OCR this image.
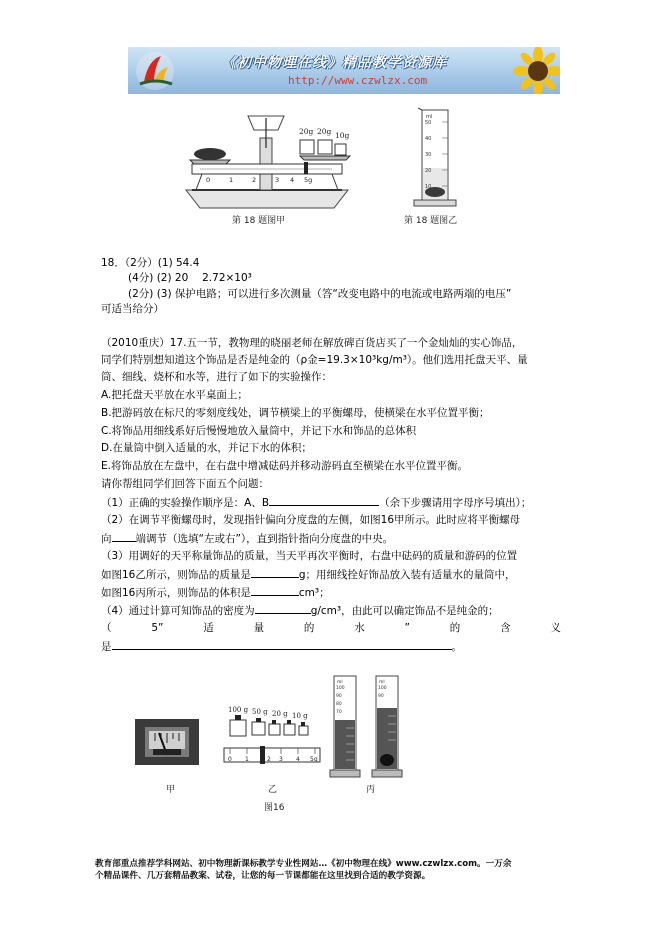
《初中物理在线》精品教学资源库
http://www.czwlzx.com
20g 20g 10g
0	1	2	3 4 5g
第 18 题图甲
ml
50
40
30
20
10
第 18 题图乙
18．（2分）(1) 54.4
(4分) (2) 20　 2.72×10³
(2分) (3) 保护电路；可以进行多次测量（答“改变电路中的电流或电路两端的电压”
可适当给分）
（2010重庆）17.五一节，教物理的晓丽老师在解放碑百货店买了一个金灿灿的实心饰品，
同学们特别想知道这个饰品是否是纯金的（ρ金=19.3×10³kg/m³）。他们选用托盘天平、量
筒、细线、烧杯和水等，进行了如下的实验操作：
A.把托盘天平放在水平桌面上；
B.把游码放在标尺的零刻度线处，调节横梁上的平衡螺母，使横梁在水平位置平衡；
C.将饰品用细线系好后慢慢地放入量筒中，并记下水和饰品的总体积
D.在量筒中倒入适量的水，并记下水的体积；
E.将饰品放在左盘中，在右盘中增减砝码并移动游码直至横梁在水平位置平衡。
请你帮组同学们回答下面五个问题：
（1）正确的实验操作顺序是：A、B	（余下步骤请用字母序号填出）；
（2）在调节平衡螺母时，发现指针偏向分度盘的左侧，如图16甲所示。此时应将平衡螺母
向 端调节（选填“左或右”），直到指针指向分度盘的中央。
（3）用调好的天平称量饰品的质量，当天平再次平衡时，右盘中砝码的质量和游码的位置
如图16乙所示，则饰品的质量是	g；用细线拴好饰品放入装有适量水的量筒中，
如图16丙所示，则饰品的体积是	cm³；
（4）通过计算可知饰品的密度为	g/cm³，由此可以确定饰品不是纯金的；
（	5”	适	量	的	水	”	的	含	义
是	。
甲
100 g 50 g 20 g 10 g
0 1	2 3 4 5g
乙
ml
100
90
80
70
ml
100
90
丙
图16
教育部重点推荐学科网站、初中物理新课标教学专业性网站…《初中物理在线》www.czwlzx.com。一万余
个精品课件、几万套精品教案、试卷，让您的每一节课都能在这里找到合适的教学资源。
